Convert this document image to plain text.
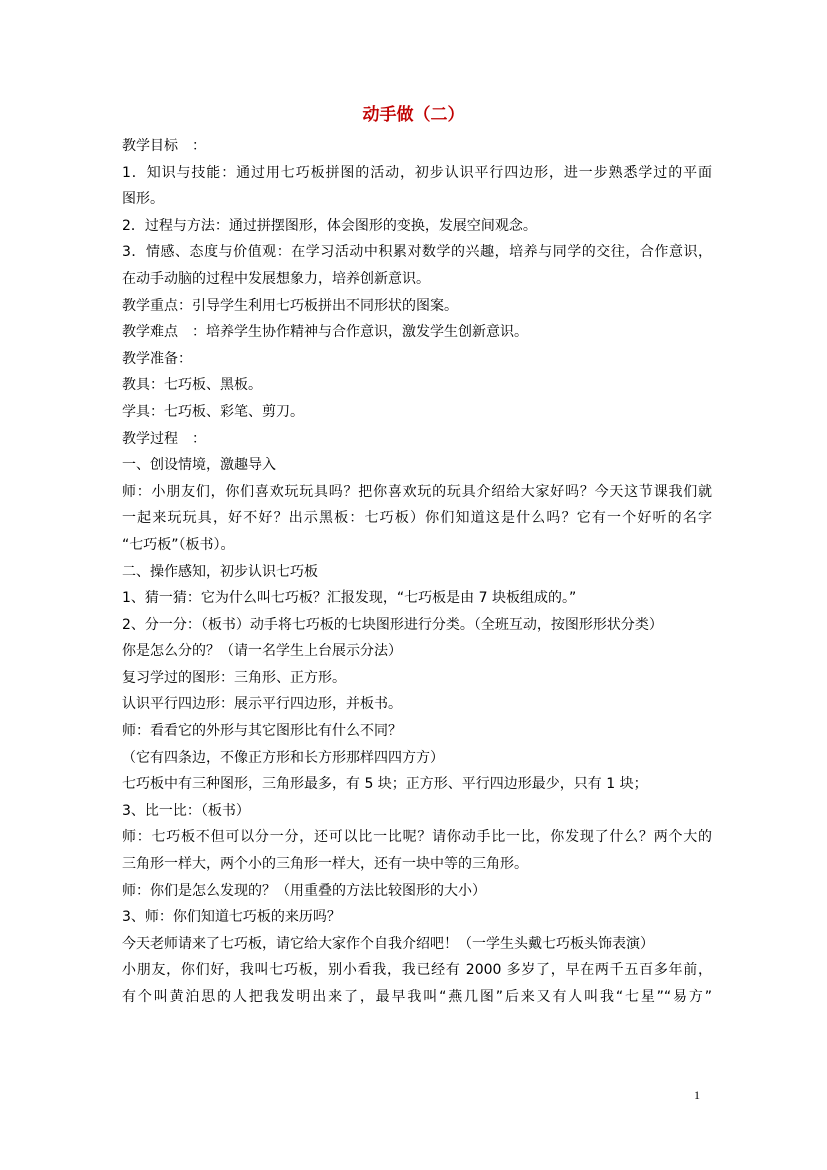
动手做（二）
教学目标　：
1．知识与技能：通过用七巧板拼图的活动，初步认识平行四边形，进一步熟悉学过的平面
图形。
2．过程与方法：通过拼摆图形，体会图形的变换，发展空间观念。
3．情感、态度与价值观：在学习活动中积累对数学的兴趣，培养与同学的交往，合作意识，
在动手动脑的过程中发展想象力，培养创新意识。
教学重点：引导学生利用七巧板拼出不同形状的图案。
教学难点　：培养学生协作精神与合作意识，激发学生创新意识。
教学准备：
教具：七巧板、黑板。
学具：七巧板、彩笔、剪刀。
教学过程　：
一、创设情境，激趣导入
师：小朋友们，你们喜欢玩玩具吗？把你喜欢玩的玩具介绍给大家好吗？今天这节课我们就
一起来玩玩具，好不好？出示黑板：七巧板）你们知道这是什么吗？它有一个好听的名字
“七巧板”（板书）。
二、操作感知，初步认识七巧板
1、猜一猜：它为什么叫七巧板？汇报发现，“七巧板是由 7 块板组成的。”
2、分一分：（板书）动手将七巧板的七块图形进行分类。（全班互动，按图形形状分类）
你是怎么分的？（请一名学生上台展示分法）
复习学过的图形：三角形、正方形。
认识平行四边形：展示平行四边形，并板书。
师：看看它的外形与其它图形比有什么不同？
（它有四条边，不像正方形和长方形那样四四方方）
七巧板中有三种图形，三角形最多，有 5 块；正方形、平行四边形最少，只有 1 块；
3、比一比：（板书）
师：七巧板不但可以分一分，还可以比一比呢？请你动手比一比，你发现了什么？两个大的
三角形一样大，两个小的三角形一样大，还有一块中等的三角形。
师：你们是怎么发现的？（用重叠的方法比较图形的大小）
3、师：你们知道七巧板的来历吗？
今天老师请来了七巧板，请它给大家作个自我介绍吧！（一学生头戴七巧板头饰表演）
小朋友，你们好，我叫七巧板，别小看我，我已经有 2000 多岁了，早在两千五百多年前，
有个叫黄泊思的人把我发明出来了，最早我叫“燕几图”后来又有人叫我“七星”“易方”
1
